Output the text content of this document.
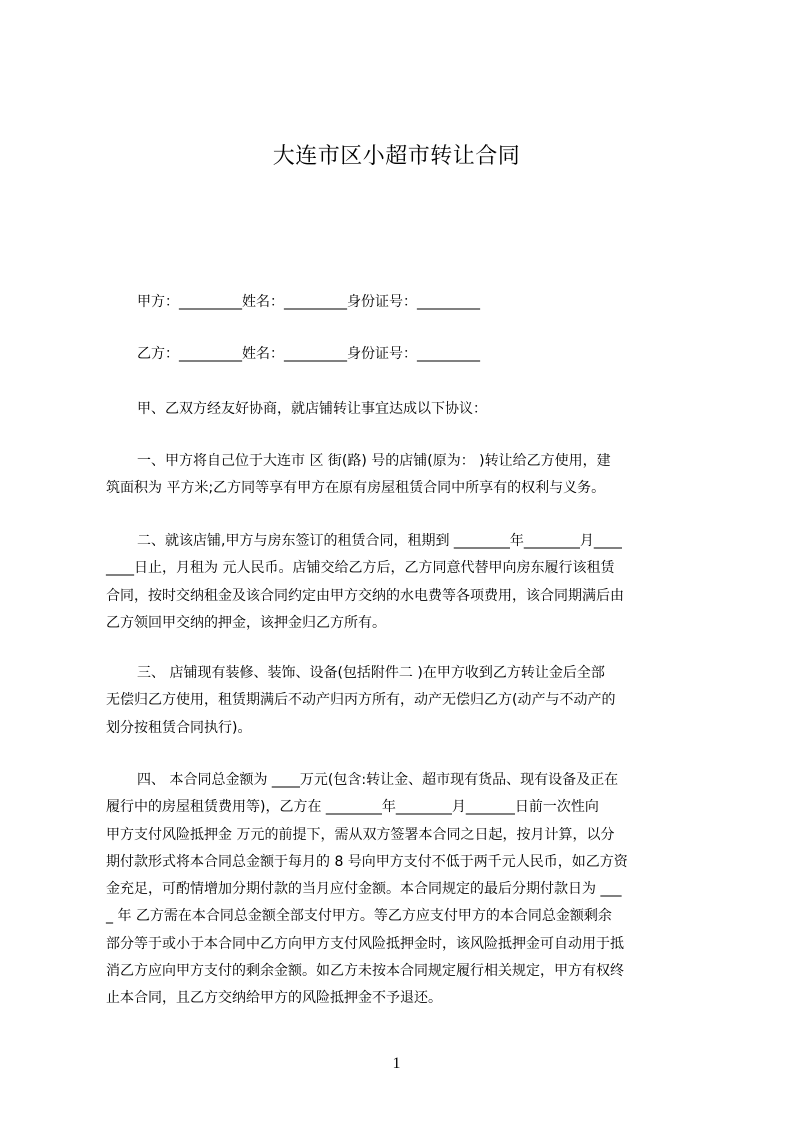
大连市区小超市转让合同
甲方：_________姓名：_________身份证号：_________
乙方：_________姓名：_________身份证号：_________
甲、乙双方经友好协商，就店铺转让事宜达成以下协议：
一、甲方将自己位于大连市 区 街(路) 号的店铺(原为： )转让给乙方使用，建
筑面积为 平方米;乙方同等享有甲方在原有房屋租赁合同中所享有的权利与义务。
二、就该店铺,甲方与房东签订的租赁合同，租期到 ________年________月____
____日止，月租为 元人民币。店铺交给乙方后，乙方同意代替甲向房东履行该租赁
合同，按时交纳租金及该合同约定由甲方交纳的水电费等各项费用，该合同期满后由
乙方领回甲交纳的押金，该押金归乙方所有。
三、 店铺现有装修、装饰、设备(包括附件二 )在甲方收到乙方转让金后全部
无偿归乙方使用，租赁期满后不动产归丙方所有，动产无偿归乙方(动产与不动产的
划分按租赁合同执行)。
四、 本合同总金额为 ____万元(包含:转让金、超市现有货品、现有设备及正在
履行中的房屋租赁费用等)，乙方在 ________年________月_______日前一次性向
甲方支付风险抵押金 万元的前提下，需从双方签署本合同之日起，按月计算，以分
期付款形式将本合同总金额于每月的 8 号向甲方支付不低于两千元人民币，如乙方资
金充足，可酌情增加分期付款的当月应付金额。本合同规定的最后分期付款日为 ___
_ 年 乙方需在本合同总金额全部支付甲方。等乙方应支付甲方的本合同总金额剩余
部分等于或小于本合同中乙方向甲方支付风险抵押金时，该风险抵押金可自动用于抵
消乙方应向甲方支付的剩余金额。如乙方未按本合同规定履行相关规定，甲方有权终
止本合同，且乙方交纳给甲方的风险抵押金不予退还。
1
